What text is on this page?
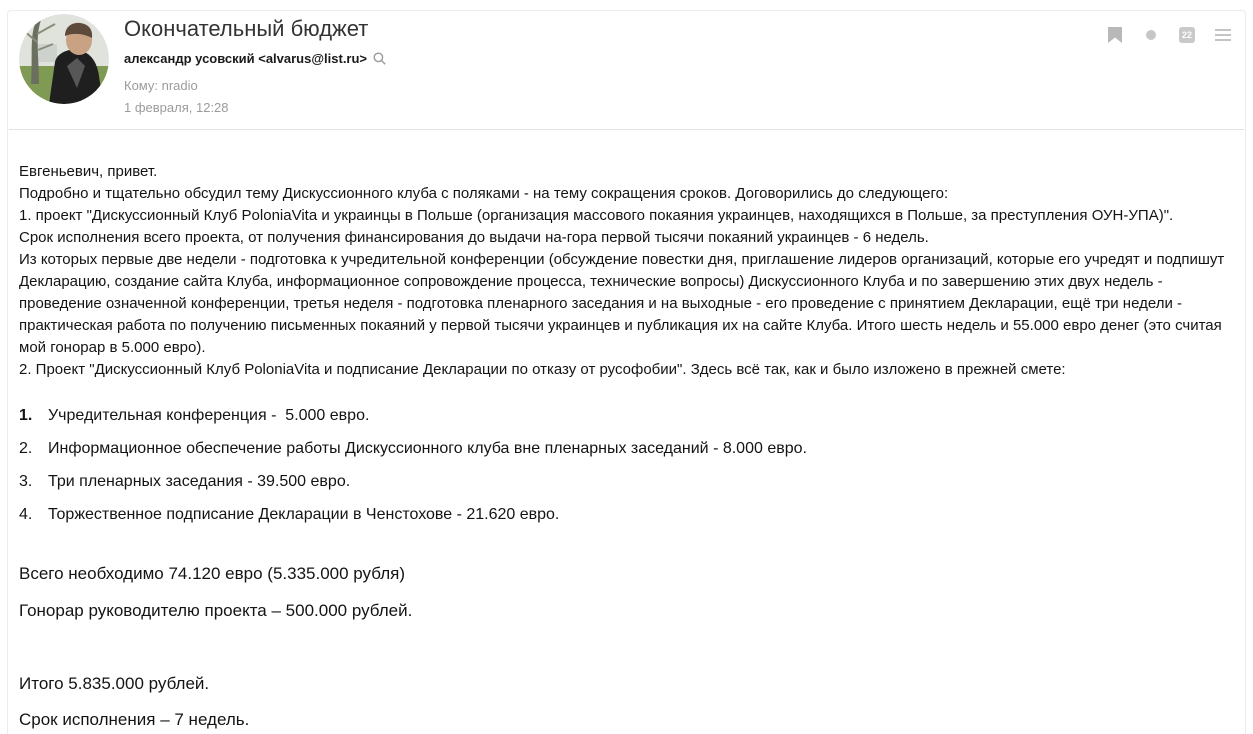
Окончательный бюджет
александр усовский <alvarus@list.ru>
Кому: nradio
1 февраля, 12:28
22
Евгеньевич, привет.
Подробно и тщательно обсудил тему Дискуссионного клуба с поляками - на тему сокращения сроков. Договорились до следующего:
1. проект "Дискуссионный Клуб PoloniaVita и украинцы в Польше (организация массового покаяния украинцев, находящихся в Польше, за преступления ОУН-УПА)".
Срок исполнения всего проекта, от получения финансирования до выдачи на-гора первой тысячи покаяний украинцев - 6 недель.
Из которых первые две недели - подготовка к учредительной конференции (обсуждение повестки дня, приглашение лидеров организаций, которые его учредят и подпишут Декларацию, создание сайта Клуба, информационное сопровождение процесса, технические вопросы) Дискуссионного Клуба и по завершению этих двух недель - проведение означенной конференции, третья неделя - подготовка пленарного заседания и на выходные - его проведение с принятием Декларации, ещё три недели - практическая работа по получению письменных покаяний у первой тысячи украинцев и публикация их на сайте Клуба. Итого шесть недель и 55.000 евро денег (это считая мой гонорар в 5.000 евро).
2. Проект "Дискуссионный Клуб PoloniaVita и подписание Декларации по отказу от русофобии". Здесь всё так, как и было изложено в прежней смете:
1. Учредительная конференция -  5.000 евро.
2. Информационное обеспечение работы Дискуссионного клуба вне пленарных заседаний - 8.000 евро.
3. Три пленарных заседания - 39.500 евро.
4. Торжественное подписание Декларации в Ченстохове - 21.620 евро.

Всего необходимо 74.120 евро (5.335.000 рубля)

Гонорар руководителю проекта – 500.000 рублей.

Итого 5.835.000 рублей.

Срок исполнения – 7 недель.
